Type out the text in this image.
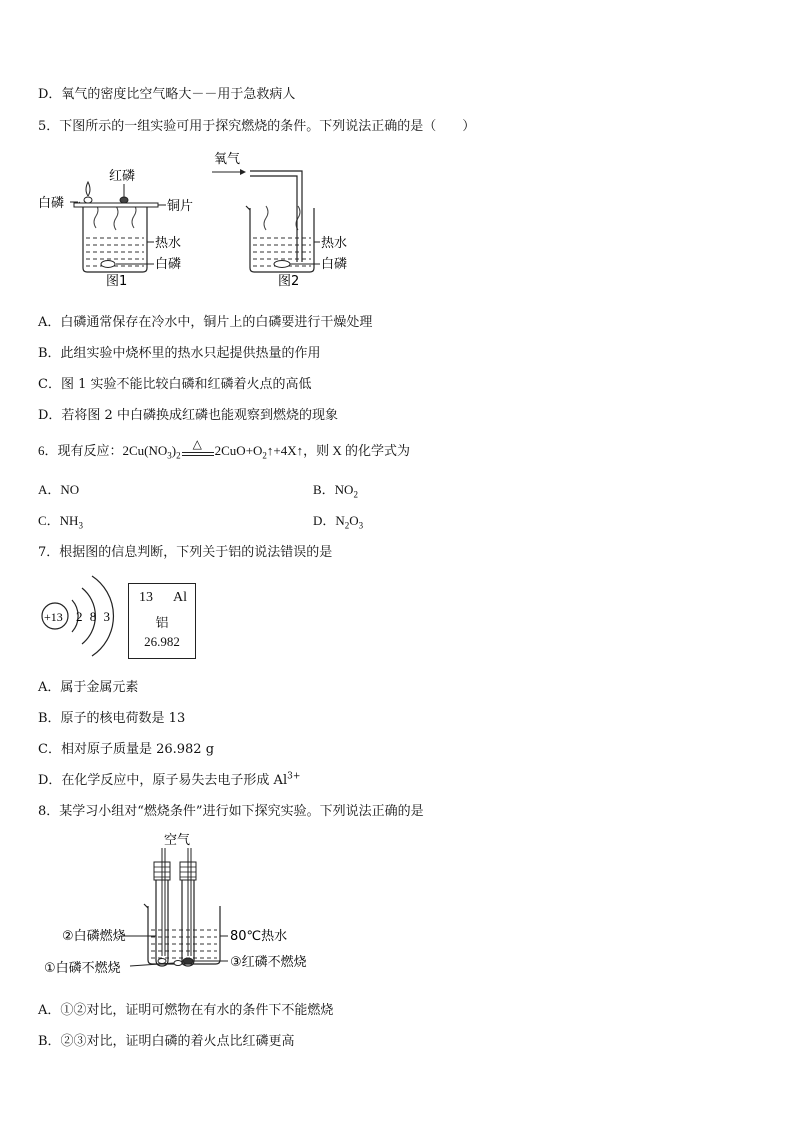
D．氧气的密度比空气略大－－用于急救病人
5．下图所示的一组实验可用于探究燃烧的条件。下列说法正确的是（　　）
红磷
白磷	铜片
热水
白磷
图1
氧气
热水
白磷
图2
A．白磷通常保存在冷水中，铜片上的白磷要进行干燥处理
B．此组实验中烧杯里的热水只起提供热量的作用
C．图 1 实验不能比较白磷和红磷着火点的高低
D．若将图 2 中白磷换成红磷也能观察到燃烧的现象
6．现有反应：$2Cu(NO_3)_2$
△ $2CuO+O_2↑+4X↑$，则 X 的化学式为
A．NO	B．$NO_2$
C．$NH_3$	D．$N_2O_3$
7．根据图的信息判断，下列关于铝的说法错误的是
+13 2 8 3
13 Al
铝
26.982
A．属于金属元素
B．原子的核电荷数是 13
C．相对原子质量是 26.982 g
D．在化学反应中，原子易失去电子形成 $Al^{3+}$
8．某学习小组对“燃烧条件”进行如下探究实验。下列说法正确的是
空气
②白磷燃烧	80℃热水
①白磷不燃烧	③红磷不燃烧
A．①②对比，证明可燃物在有水的条件下不能燃烧
B．②③对比，证明白磷的着火点比红磷更高
